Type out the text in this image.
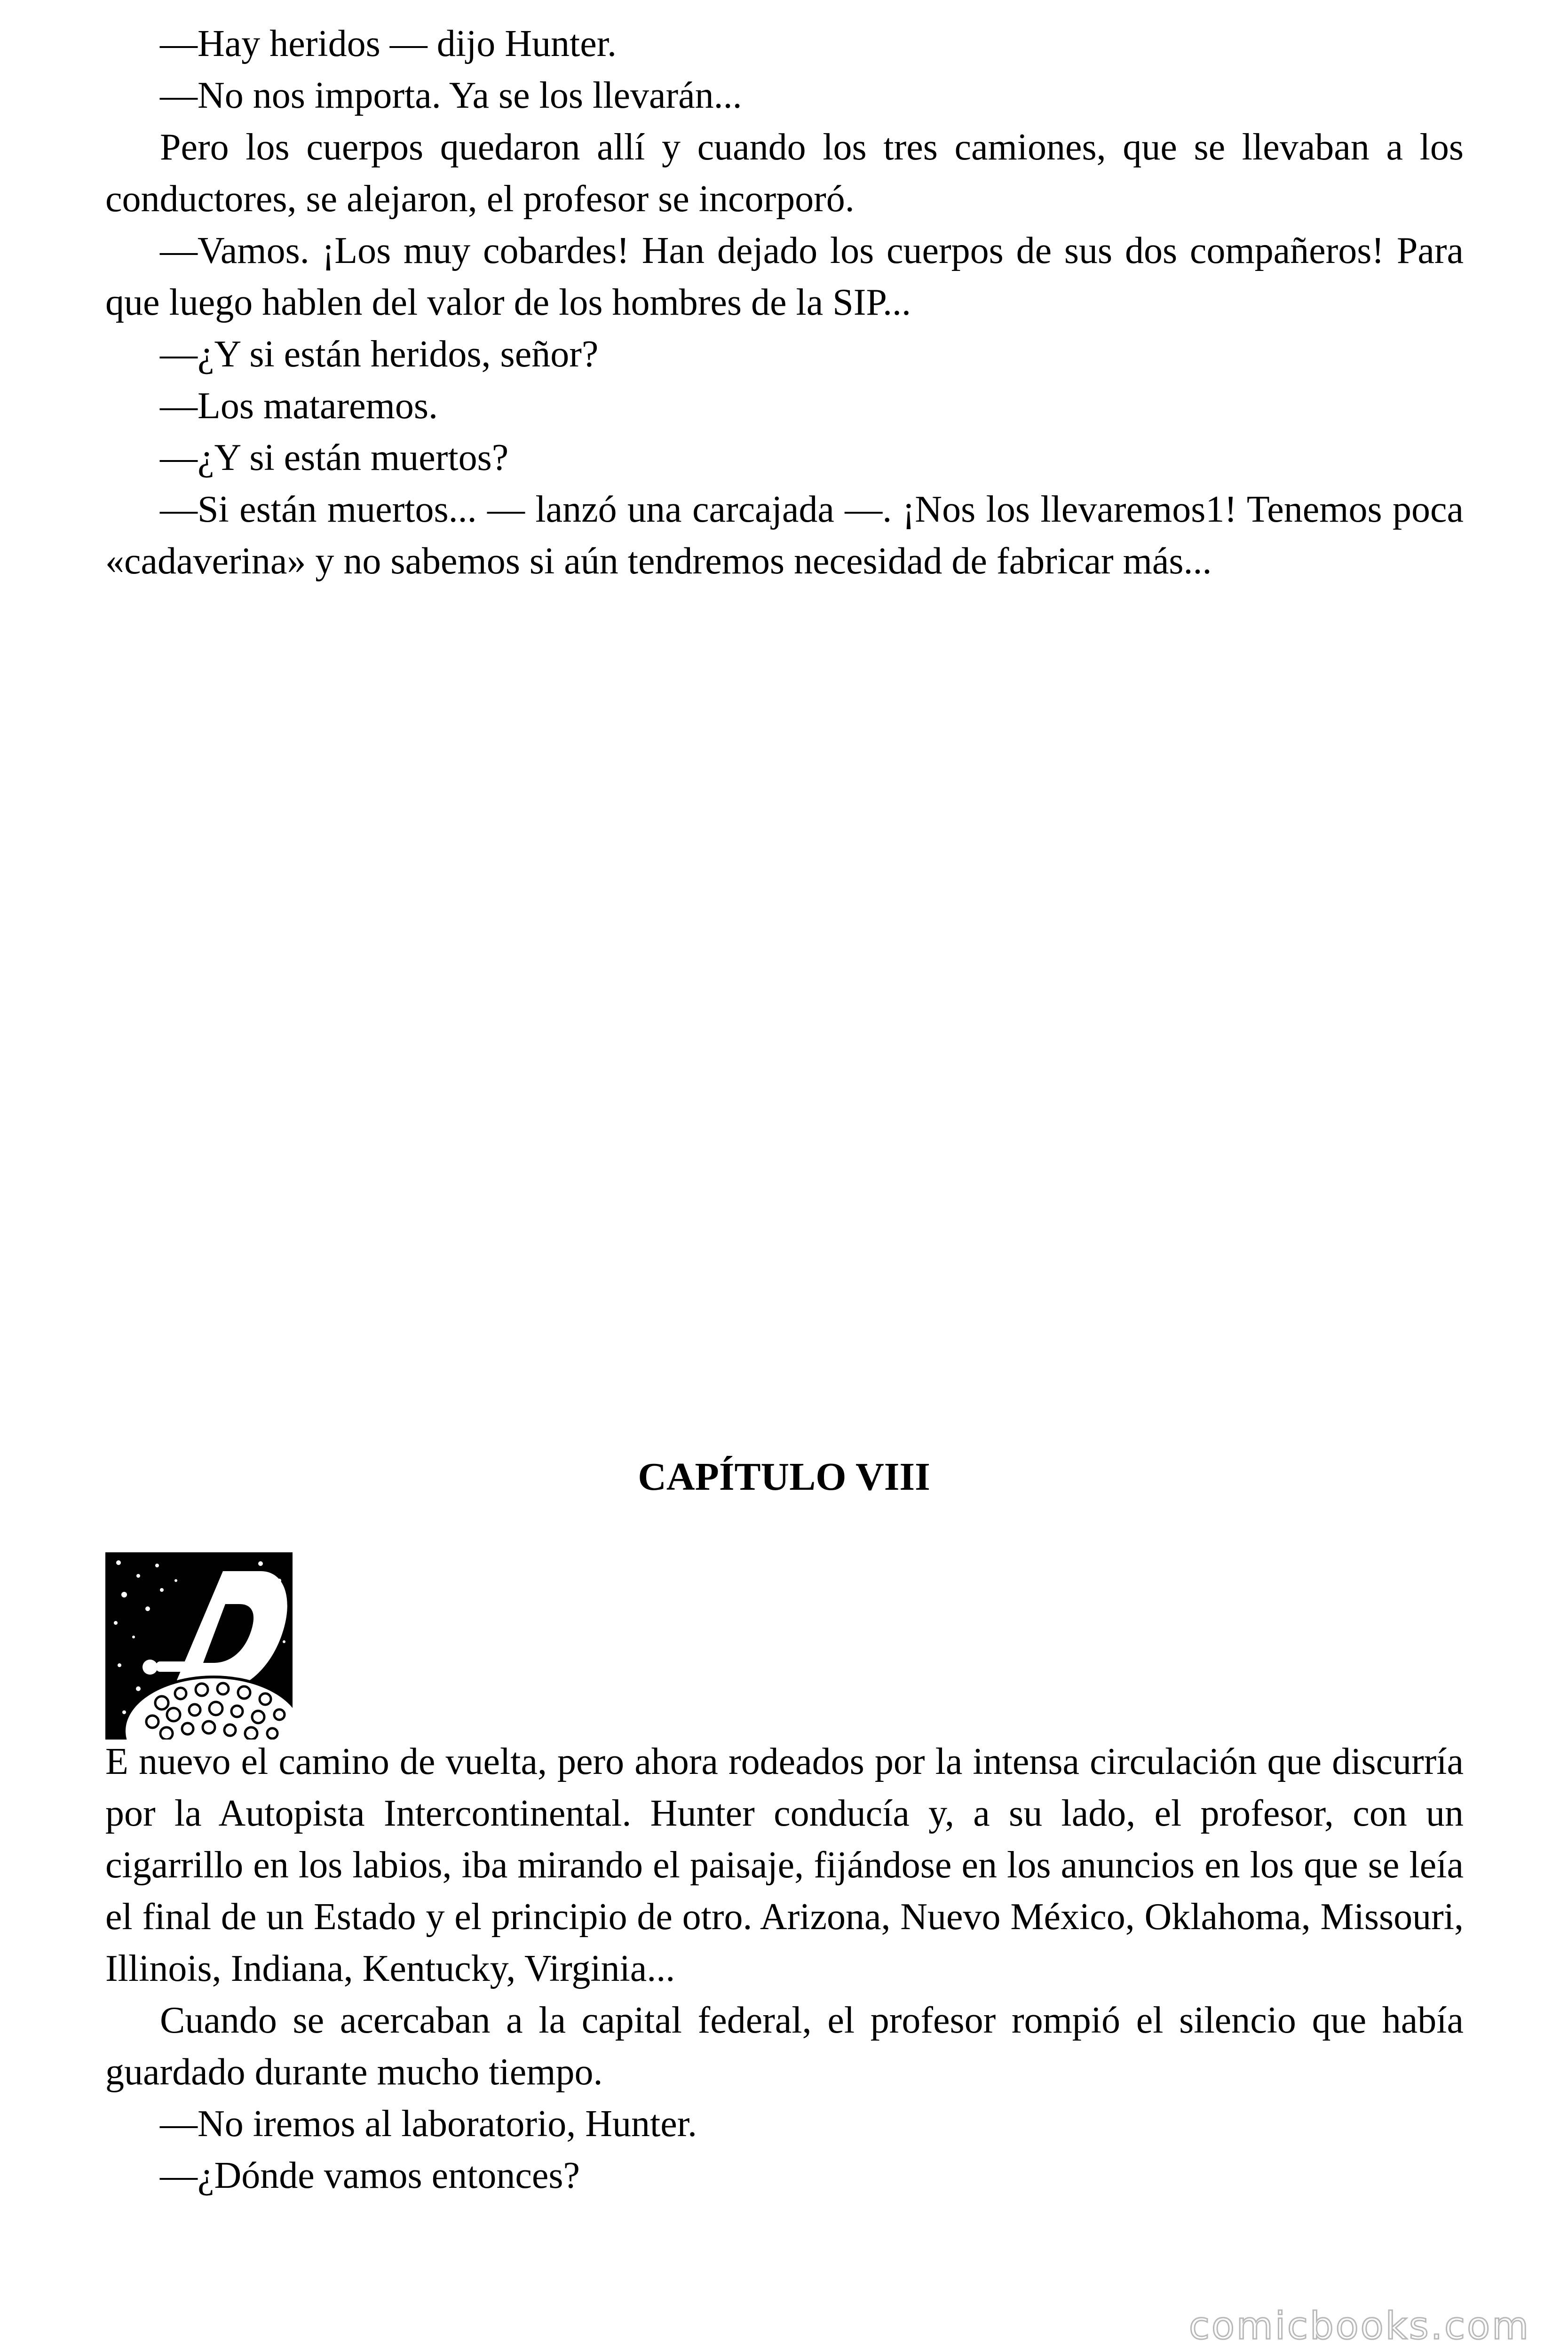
—Hay heridos — dijo Hunter.

—No nos importa. Ya se los llevarán...

Pero los cuerpos quedaron allí y cuando los tres camiones, que se llevaban a los conductores, se alejaron, el profesor se incorporó.

—Vamos. ¡Los muy cobardes! Han dejado los cuerpos de sus dos compañeros! Para que luego hablen del valor de los hombres de la SIP...

—¿Y si están heridos, señor?

—Los mataremos.

—¿Y si están muertos?

—Si están muertos... — lanzó una carcajada —. ¡Nos los llevaremos1! Tenemos poca «cadaverina» y no sabemos si aún tendremos necesidad de fabricar más...

CAPÍTULO VIII

E nuevo el camino de vuelta, pero ahora rodeados por la intensa circulación que discurría por la Autopista Intercontinental. Hunter conducía y, a su lado, el profesor, con un cigarrillo en los labios, iba mirando el paisaje, fijándose en los anuncios en los que se leía el final de un Estado y el principio de otro. Arizona, Nuevo México, Oklahoma, Missouri, Illinois, Indiana, Kentucky, Virginia...

Cuando se acercaban a la capital federal, el profesor rompió el silencio que había guardado durante mucho tiempo.

—No iremos al laboratorio, Hunter.

—¿Dónde vamos entonces?

comicbooks.com
